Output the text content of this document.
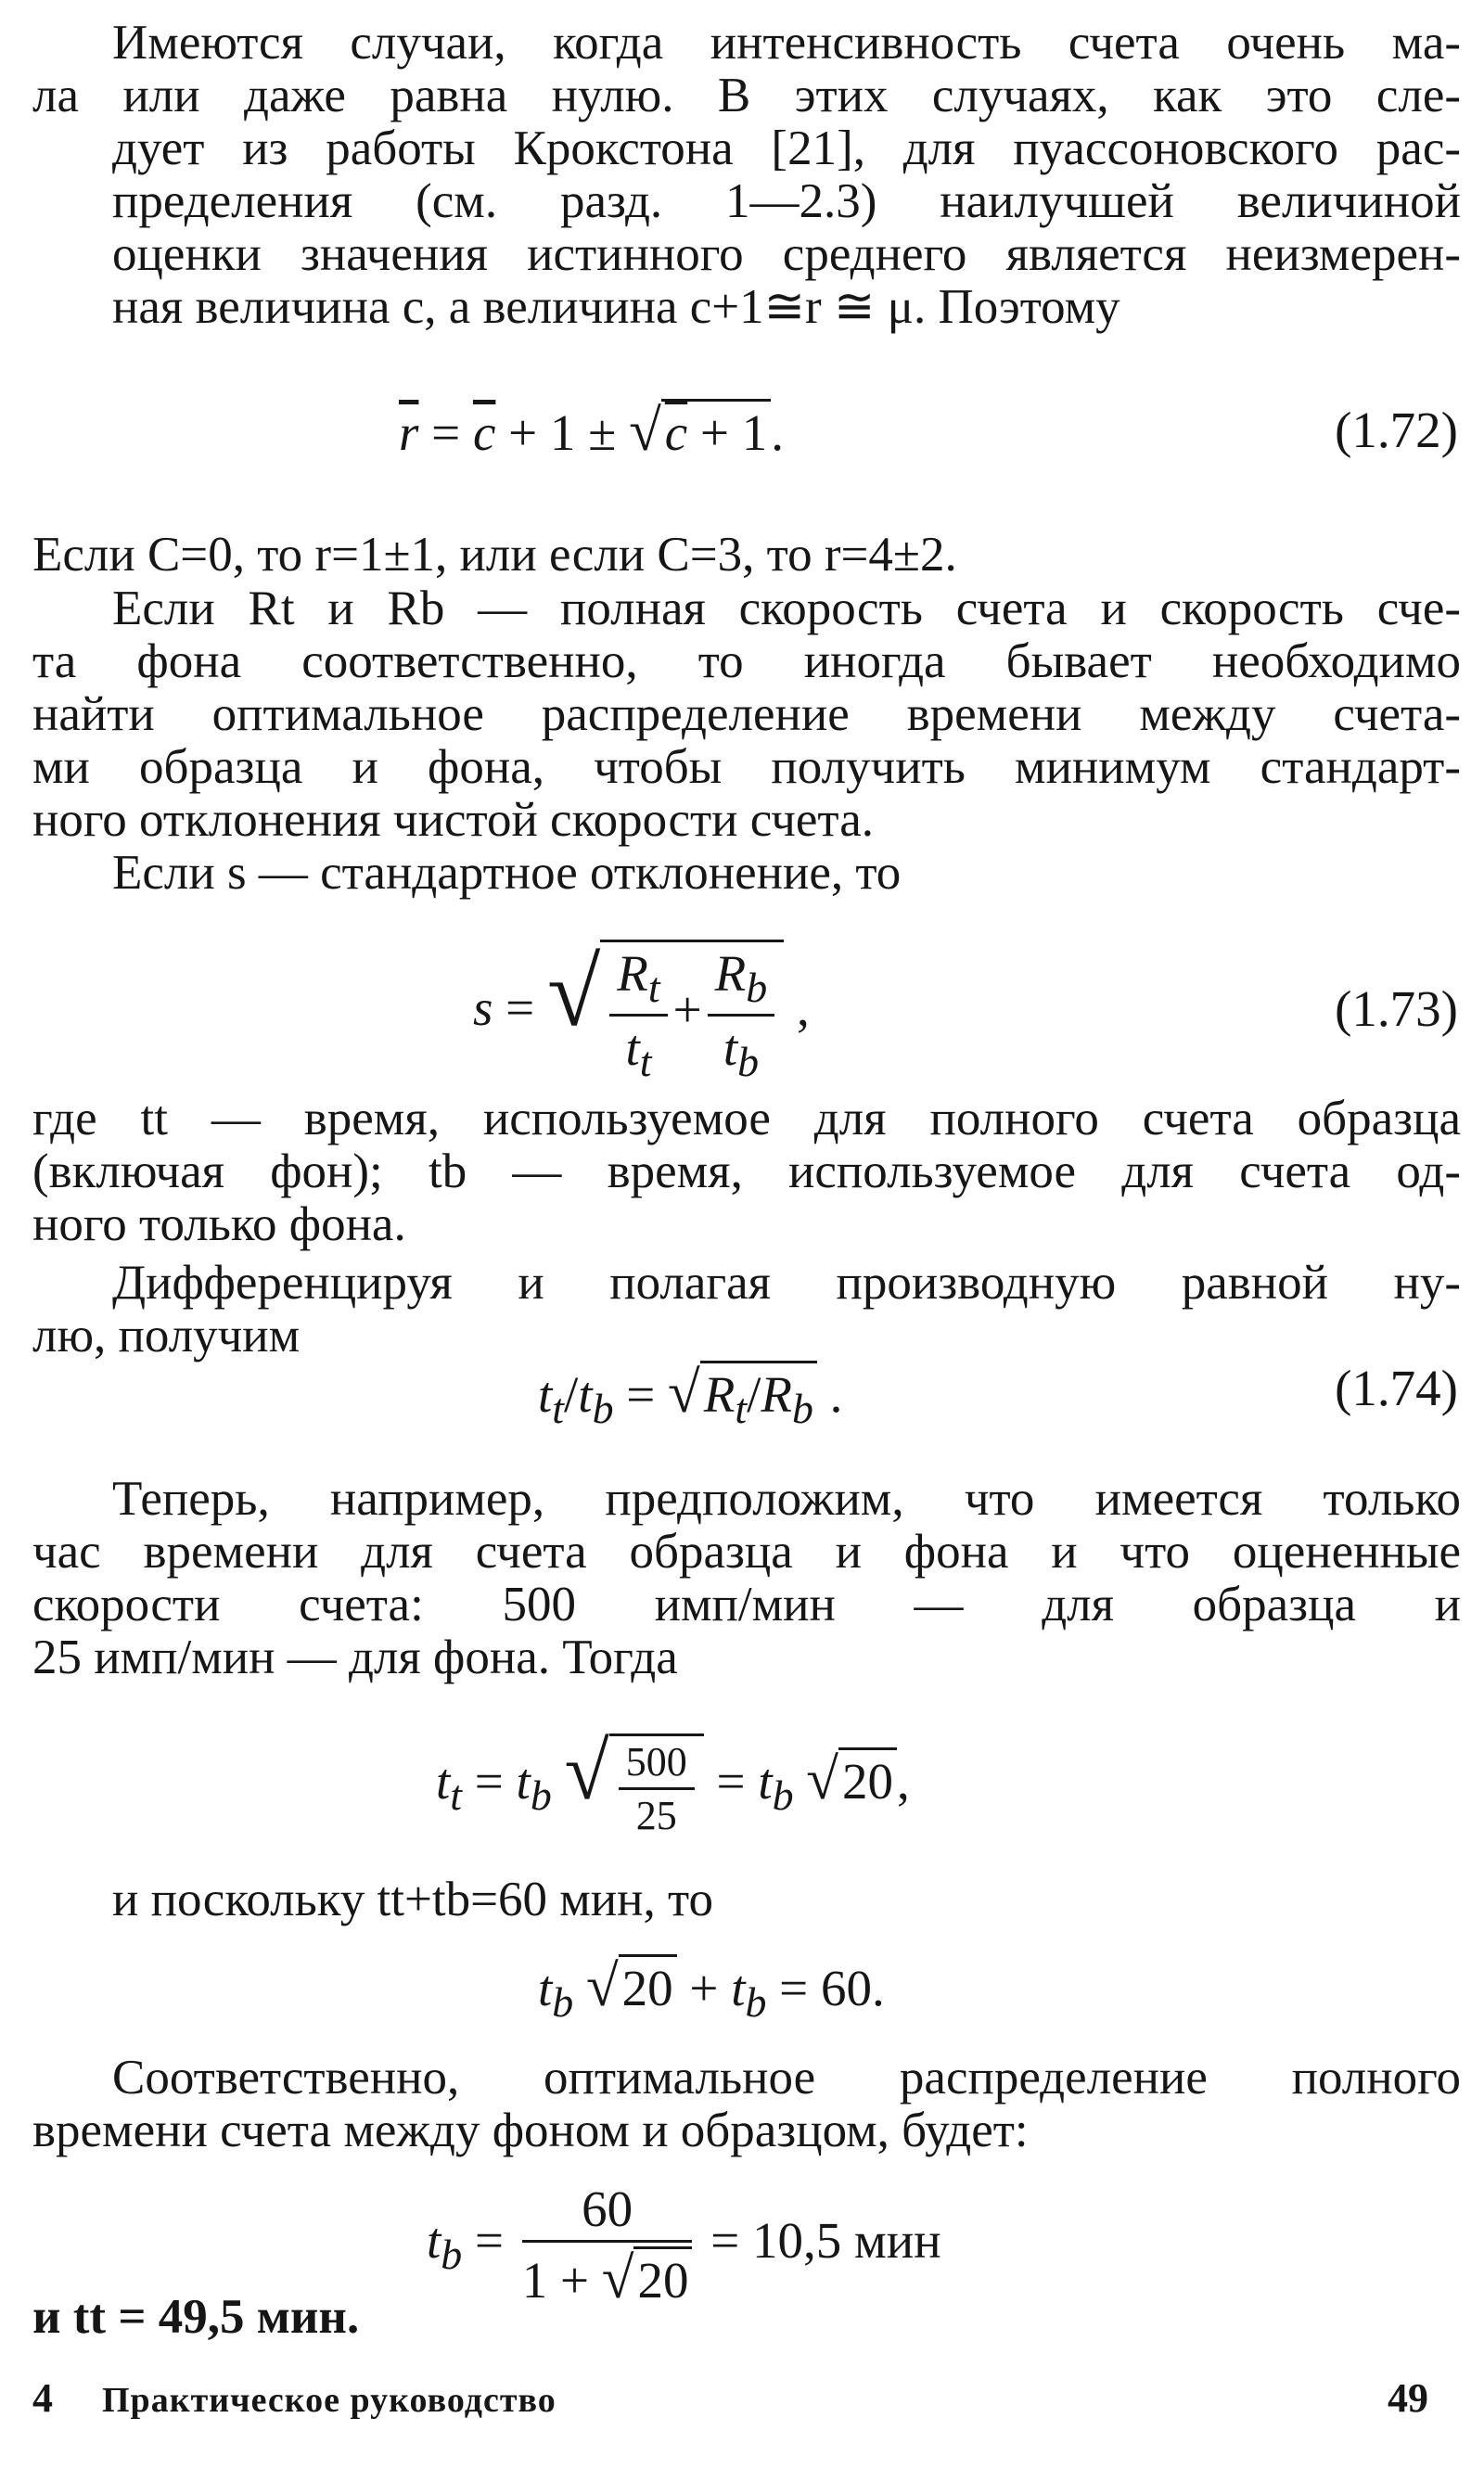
Имеются случаи, когда интенсивность счета очень ма-
ла или даже равна нулю. В этих случаях, как это сле-
дует из работы Крокстона [21], для пуассоновского рас-
пределения (см. разд. 1—2.3) наилучшей величиной
оценки значения истинного среднего является неизмерен-
ная величина c, а величина c+1≅r ≅ μ. Поэтому
$\overline{r} = \overline{c} + 1 \pm √c + 1$.	(1.72)
Если C=0, то r=1±1, или если C=3, то r=4±2.
Если Rt и Rb — полная скорость счета и скорость сче-
та фона соответственно, то иногда бывает необходимо
найти оптимальное распределение времени между счета-
ми образца и фона, чтобы получить минимум стандарт-
ного отклонения чистой скорости счета.
Если s — стандартное отклонение, то
s = √ $\frac{R_t}{t_t} + \frac{R_b}{t_b}$ ,	(1.73)
где tt — время, используемое для полного счета образца
(включая фон); tb — время, используемое для счета од-
ного только фона.
Дифференцируя и полагая производную равной ну-
лю, получим
$t_t/t_b = √R_t/R_b$ .	(1.74)
Теперь, например, предположим, что имеется только
час времени для счета образца и фона и что оцененные
скорости счета: 500 имп/мин — для образца и
25 имп/мин — для фона. Тогда
$t_t = t_b$ √ $\frac{500}{25} = t_b$ √20,
и поскольку tt+tb=60 мин, то
$t_b$ $√20 + t_b = 60$.
Соответственно, оптимальное распределение полного
времени счета между фоном и образцом, будет:
$t_b = \frac{60}{1 + √20} = 10,5$ мин
и tt = 49,5 мин.
4 Практическое руководство	49
